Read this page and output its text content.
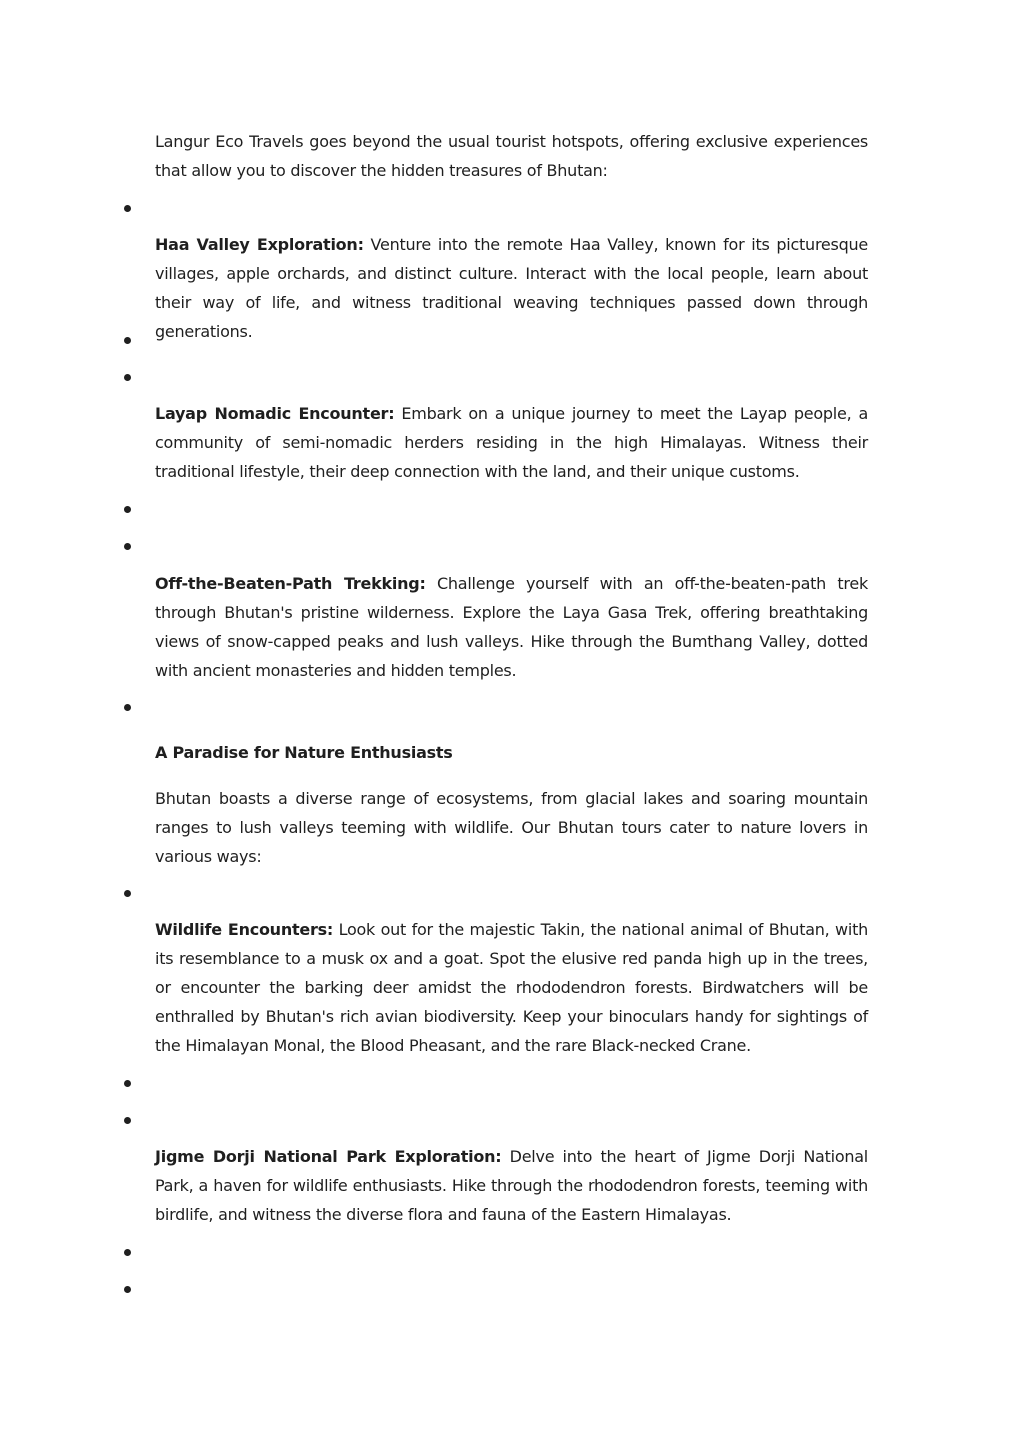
Langur Eco Travels goes beyond the usual tourist hotspots, offering exclusive experiences that allow you to discover the hidden treasures of Bhutan:

Haa Valley Exploration: Venture into the remote Haa Valley, known for its picturesque villages, apple orchards, and distinct culture. Interact with the local people, learn about their way of life, and witness traditional weaving techniques passed down through generations.

Layap Nomadic Encounter: Embark on a unique journey to meet the Layap people, a community of semi-nomadic herders residing in the high Himalayas. Witness their traditional lifestyle, their deep connection with the land, and their unique customs.

Off-the-Beaten-Path Trekking: Challenge yourself with an off-the-beaten-path trek through Bhutan's pristine wilderness. Explore the Laya Gasa Trek, offering breathtaking views of snow-capped peaks and lush valleys. Hike through the Bumthang Valley, dotted with ancient monasteries and hidden temples.

A Paradise for Nature Enthusiasts

Bhutan boasts a diverse range of ecosystems, from glacial lakes and soaring mountain ranges to lush valleys teeming with wildlife. Our Bhutan tours cater to nature lovers in various ways:

Wildlife Encounters: Look out for the majestic Takin, the national animal of Bhutan, with its resemblance to a musk ox and a goat. Spot the elusive red panda high up in the trees, or encounter the barking deer amidst the rhododendron forests. Birdwatchers will be enthralled by Bhutan's rich avian biodiversity. Keep your binoculars handy for sightings of the Himalayan Monal, the Blood Pheasant, and the rare Black-necked Crane.

Jigme Dorji National Park Exploration: Delve into the heart of Jigme Dorji National Park, a haven for wildlife enthusiasts. Hike through the rhododendron forests, teeming with birdlife, and witness the diverse flora and fauna of the Eastern Himalayas.
